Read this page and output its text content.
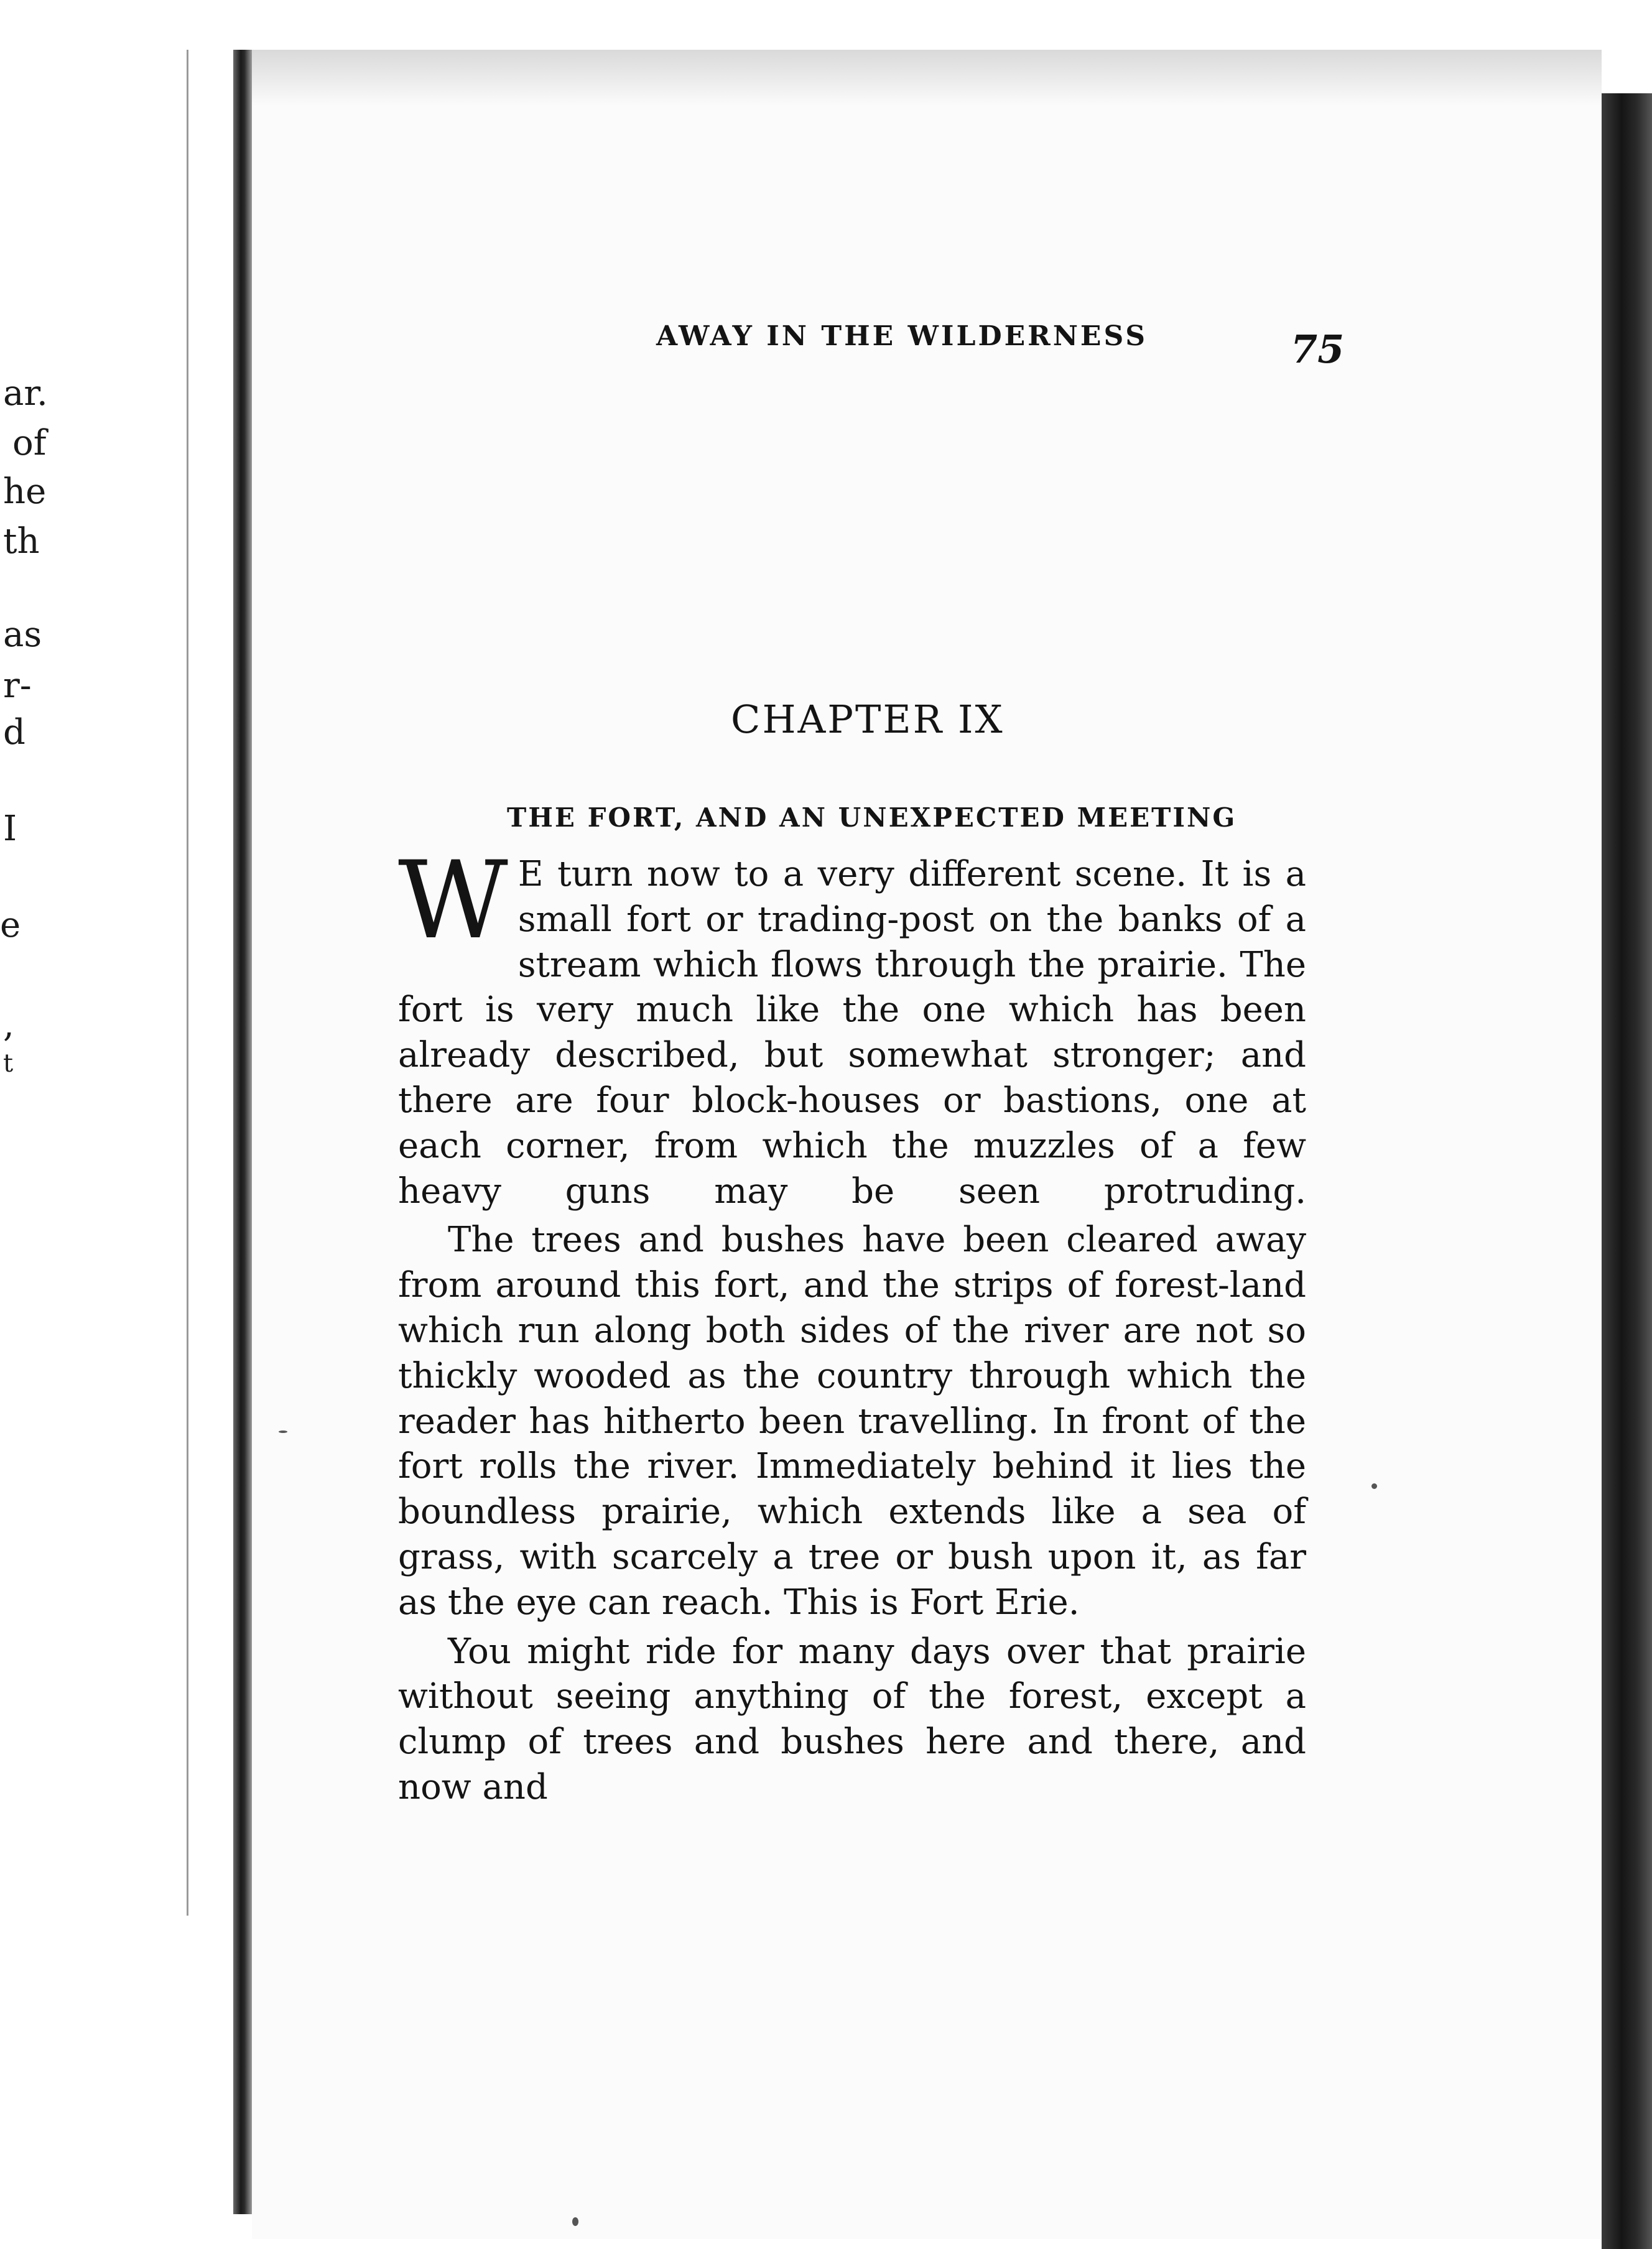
ar.
of
he
th
as
r-
d
I
e
,
t
AWAY IN THE WILDERNESS	75
CHAPTER IX
THE FORT, AND AN UNEXPECTED MEETING

W E turn now to a very different scene. It is a small fort or trading-post on the banks of a stream which flows through the prairie. The fort is very much like the one which has been already described, but somewhat stronger; and there are four block-houses or bastions, one at each corner, from which the muzzles of a few heavy guns may be seen protruding.

The trees and bushes have been cleared away from around this fort, and the strips of forest-land which run along both sides of the river are not so thickly wooded as the country through which the reader has hitherto been travelling. In front of the fort rolls the river. Immediately behind it lies the boundless prairie, which extends like a sea of grass, with scarcely a tree or bush upon it, as far as the eye can reach. This is Fort Erie.

You might ride for many days over that prairie without seeing anything of the forest, except a clump of trees and bushes here and there, and now and
